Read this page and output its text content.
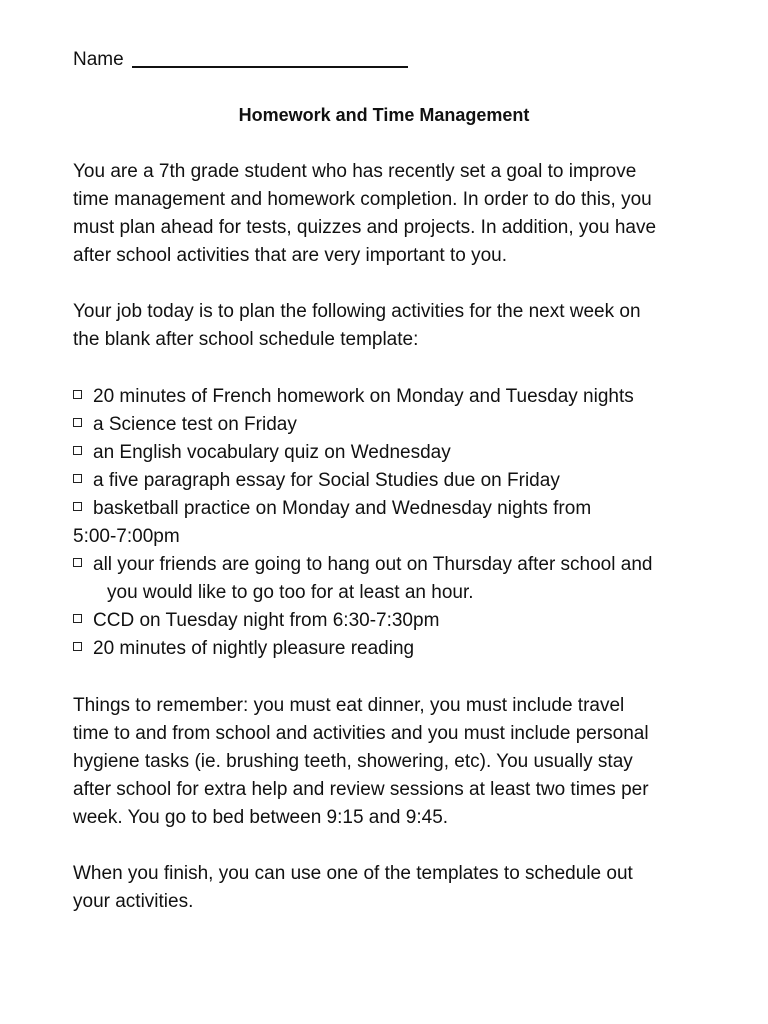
Name
Homework and Time Management

You are a 7th grade student who has recently set a goal to improve
time management and homework completion. In order to do this, you
must plan ahead for tests, quizzes and projects. In addition, you have
after school activities that are very important to you.

Your job today is to plan the following activities for the next week on
the blank after school schedule template:

20 minutes of French homework on Monday and Tuesday nights
a Science test on Friday
an English vocabulary quiz on Wednesday
a five paragraph essay for Social Studies due on Friday
basketball practice on Monday and Wednesday nights from
5:00-7:00pm
all your friends are going to hang out on Thursday after school and
you would like to go too for at least an hour.
CCD on Tuesday night from 6:30-7:30pm
20 minutes of nightly pleasure reading

Things to remember: you must eat dinner, you must include travel
time to and from school and activities and you must include personal
hygiene tasks (ie. brushing teeth, showering, etc). You usually stay
after school for extra help and review sessions at least two times per
week. You go to bed between 9:15 and 9:45.

When you finish, you can use one of the templates to schedule out
your activities.
